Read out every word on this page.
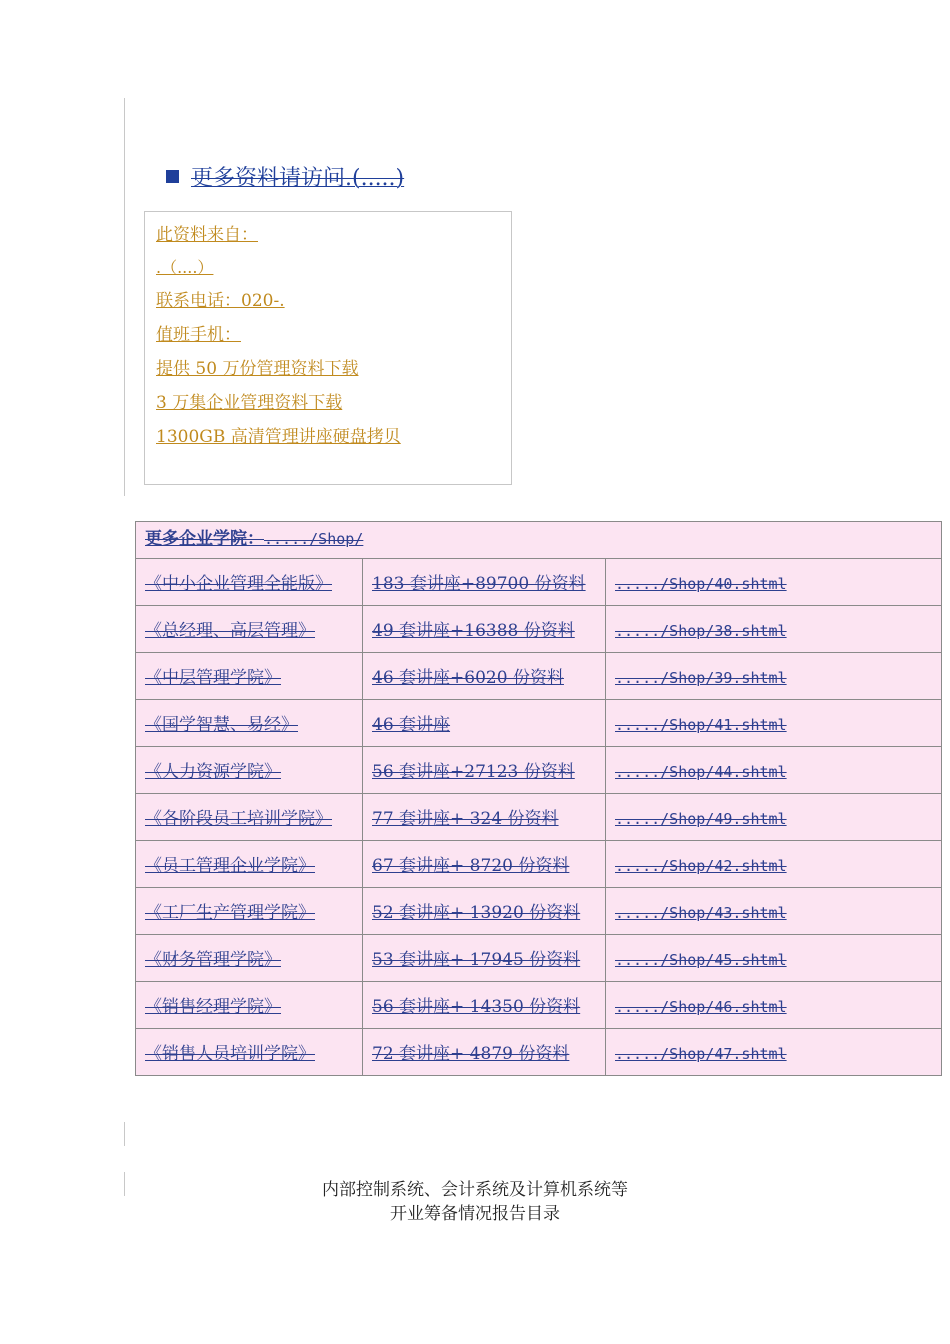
更多资料请访问.(.....)
此资料来自：
.（....）
联系电话：020-.
值班手机：
提供 50 万份管理资料下载
3 万集企业管理资料下载
1300GB 高清管理讲座硬盘拷贝
更多企业学院：...../Shop/		
《中小企业管理全能版》	183 套讲座+89700 份资料	...../Shop/40.shtml
《总经理、高层管理》	49 套讲座+16388 份资料	...../Shop/38.shtml
《中层管理学院》	46 套讲座+6020 份资料	...../Shop/39.shtml
《国学智慧、易经》	46 套讲座	...../Shop/41.shtml
《人力资源学院》	56 套讲座+27123 份资料	...../Shop/44.shtml
《各阶段员工培训学院》	77 套讲座+ 324 份资料	...../Shop/49.shtml
《员工管理企业学院》	67 套讲座+ 8720 份资料	...../Shop/42.shtml
《工厂生产管理学院》	52 套讲座+ 13920 份资料	...../Shop/43.shtml
《财务管理学院》	53 套讲座+ 17945 份资料	...../Shop/45.shtml
《销售经理学院》	56 套讲座+ 14350 份资料	...../Shop/46.shtml
《销售人员培训学院》	72 套讲座+ 4879 份资料	...../Shop/47.shtml
内部控制系统、会计系统及计算机系统等
开业筹备情况报告目录
